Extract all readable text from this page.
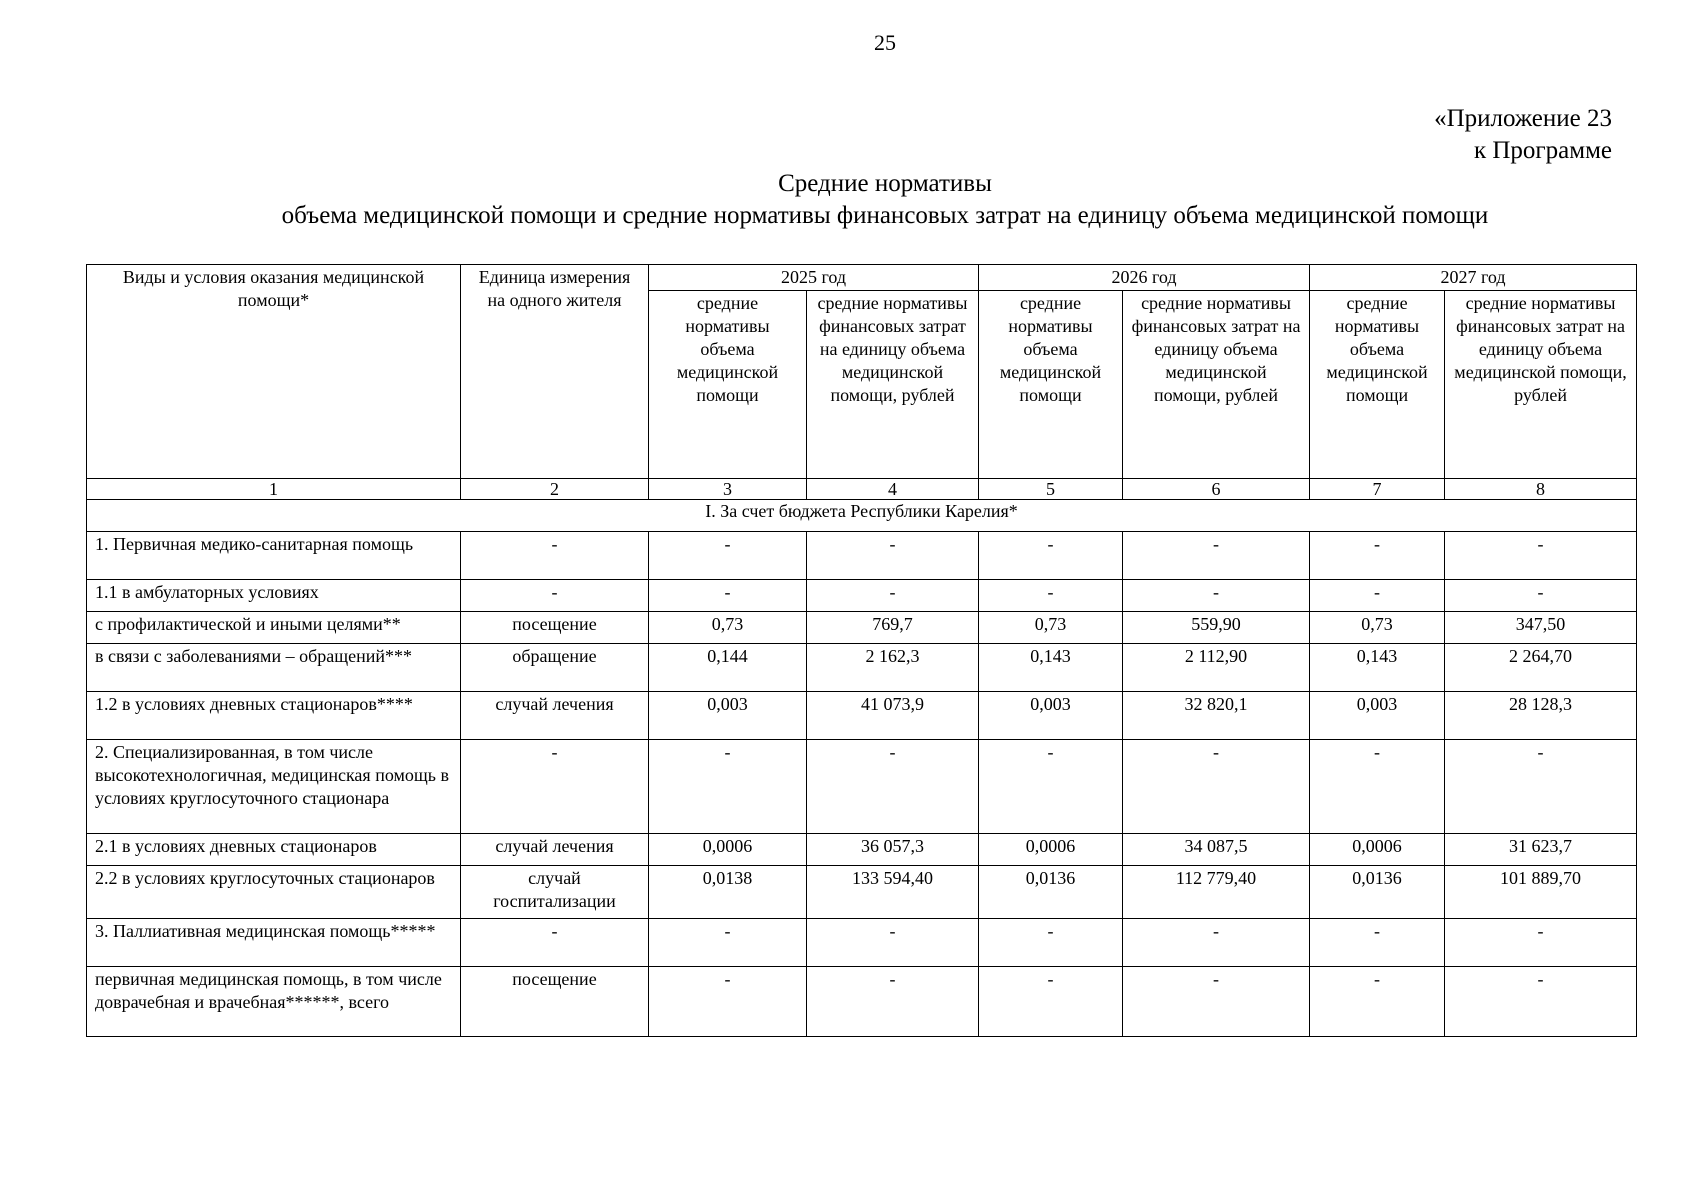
25
«Приложение 23
к Программе
Средние нормативы
объема медицинской помощи и средние нормативы финансовых затрат на единицу объема медицинской помощи
Виды и условия оказания медицинской помощи*	Единица измерения на одного жителя	2025 год		2026 год		2027 год	
		средние нормативы объема медицинской помощи	средние нормативы финансовых затрат на единицу объема медицинской помощи, рублей	средние нормативы объема медицинской помощи	средние нормативы финансовых затрат на единицу объема медицинской помощи, рублей	средние нормативы объема медицинской помощи	средние нормативы финансовых затрат на единицу объема медицинской помощи, рублей
1	2	3	4	5	6	7	8
I. За счет бюджета Республики Карелия*							
1. Первичная медико-санитарная помощь	-	-	-	-	-	-	-
1.1 в амбулаторных условиях	-	-	-	-	-	-	-
с профилактической и иными целями**	посещение	0,73	769,7	0,73	559,90	0,73	347,50
в связи с заболеваниями – обращений***	обращение	0,144	2 162,3	0,143	2 112,90	0,143	2 264,70
1.2 в условиях дневных стационаров****	случай лечения	0,003	41 073,9	0,003	32 820,1	0,003	28 128,3
2. Специализированная, в том числе высокотехнологичная, медицинская помощь в условиях круглосуточного стационара	-	-	-	-	-	-	-
2.1 в условиях дневных стационаров	случай лечения	0,0006	36 057,3	0,0006	34 087,5	0,0006	31 623,7
2.2 в условиях круглосуточных стационаров	случай госпитализации	0,0138	133 594,40	0,0136	112 779,40	0,0136	101 889,70
3. Паллиативная медицинская помощь*****	-	-	-	-	-	-	-
первичная медицинская помощь, в том числе доврачебная и врачебная******, всего	посещение	-	-	-	-	-	-
